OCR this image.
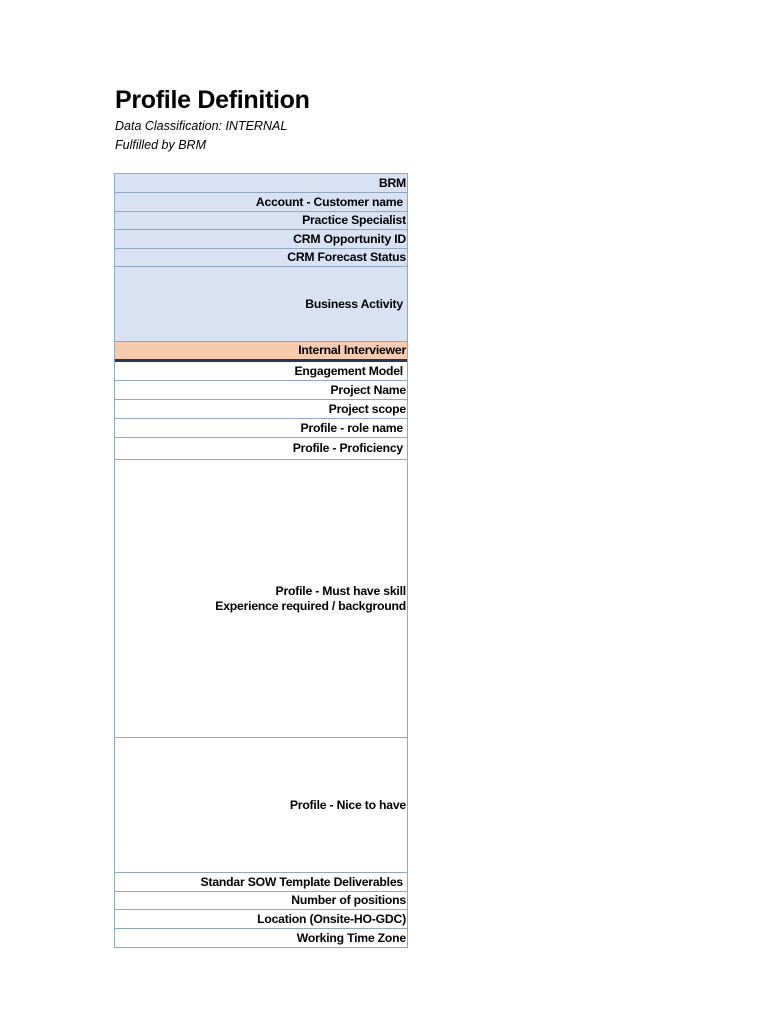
Profile Definition
Data Classification: INTERNAL
Fulfilled by BRM
BRM
Account - Customer name
Practice Specialist
CRM Opportunity ID
CRM Forecast Status
Business Activity
Internal Interviewer
Engagement Model
Project Name
Project scope
Profile - role name
Profile - Proficiency
Profile - Must have skill
Experience required / background
Profile - Nice to have
Standar SOW Template Deliverables
Number of positions
Location (Onsite-HO-GDC)
Working Time Zone
